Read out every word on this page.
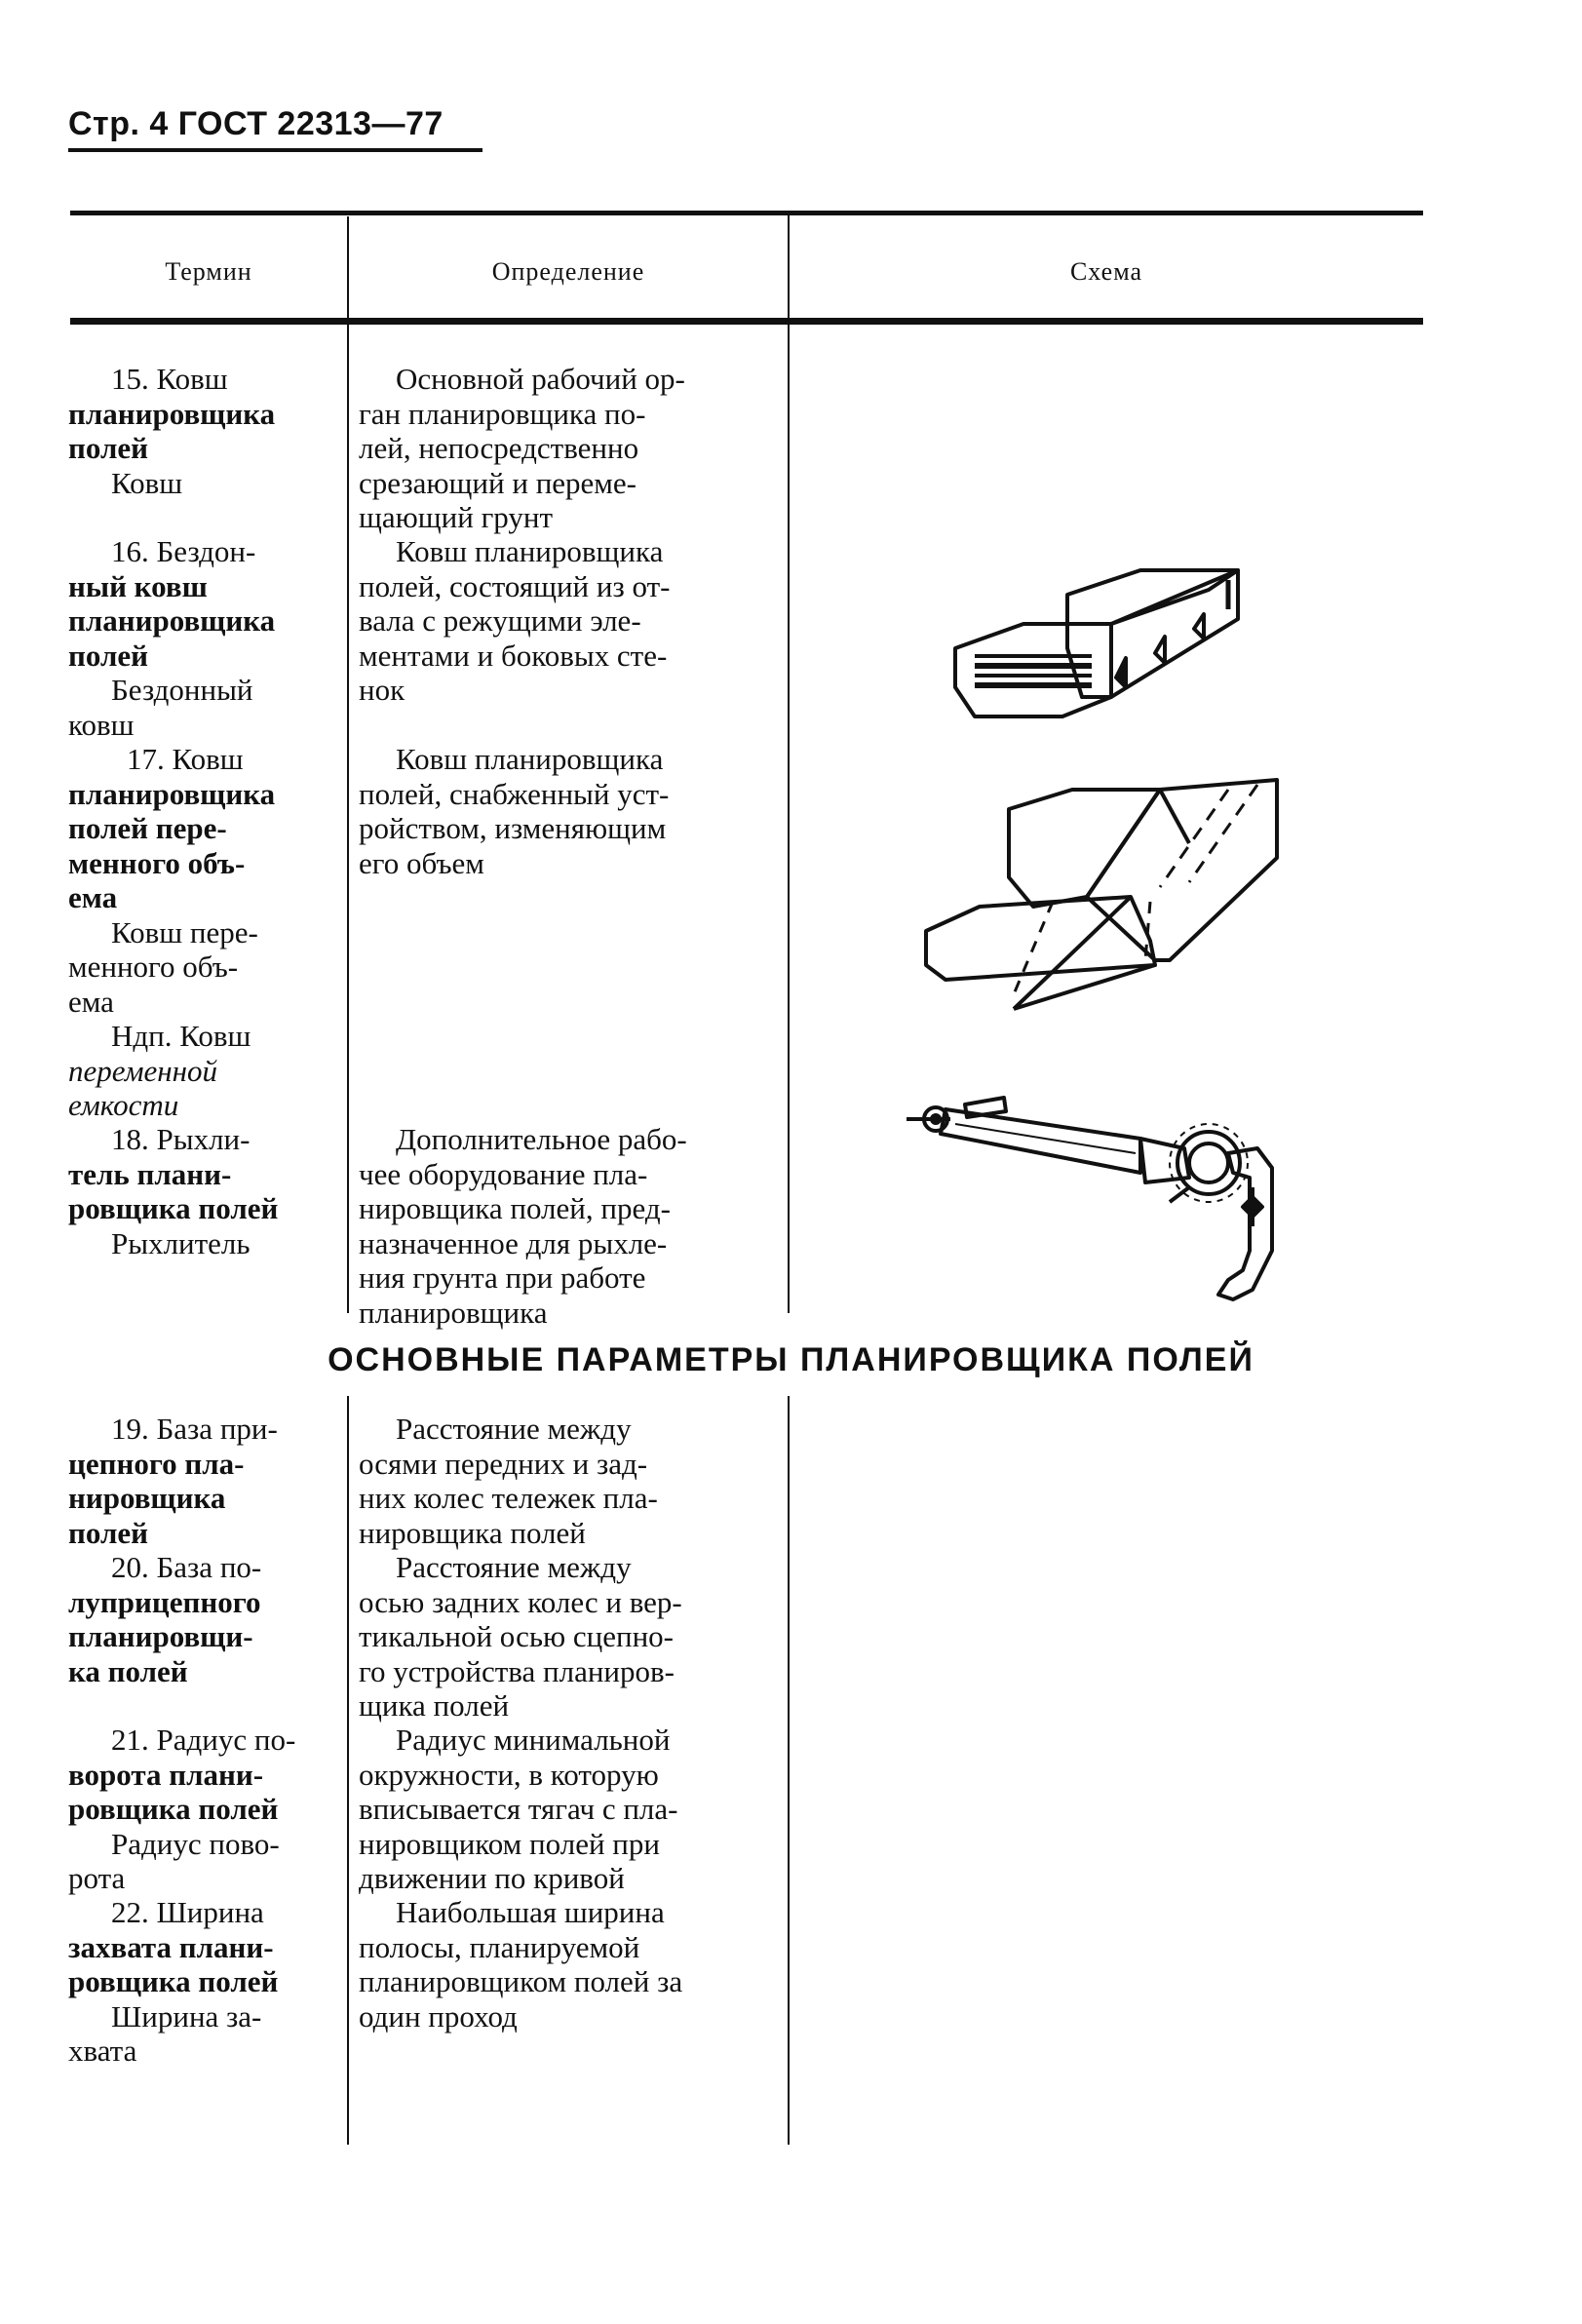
Стр. 4 ГОСТ 22313—77
Термин	Определение	Схема
15. Ковш
планировщика
полей
Ковш
Основной рабочий ор-
ган планировщика по-
лей, непосредственно
срезающий и переме-
щающий грунт
16. Бездон-
ный ковш
планировщика
полей
Бездонный
ковш
Ковш планировщика
полей, состоящий из от-
вала с режущими эле-
ментами и боковых сте-
нок
17. Ковш
планировщика
полей пере-
менного объ-
ема
Ковш пере-
менного объ-
ема
Ндп. Ковш
переменной
емкости
Ковш планировщика
полей, снабженный уст-
ройством, изменяющим
его объем
18. Рыхли-
тель плани-
ровщика полей
Рыхлитель
Дополнительное рабо-
чее оборудование пла-
нировщика полей, пред-
назначенное для рыхле-
ния грунта при работе
планировщика
ОСНОВНЫЕ ПАРАМЕТРЫ ПЛАНИРОВЩИКА ПОЛЕЙ
19. База при-
цепного пла-
нировщика
полей
Расстояние между
осями передних и зад-
них колес тележек пла-
нировщика полей
20. База по-
луприцепного
планировщи-
ка полей
Расстояние между
осью задних колес и вер-
тикальной осью сцепно-
го устройства планиров-
щика полей
21. Радиус по-
ворота плани-
ровщика полей
Радиус пово-
рота
Радиус минимальной
окружности, в которую
вписывается тягач с пла-
нировщиком полей при
движении по кривой
22. Ширина
захвата плани-
ровщика полей
Ширина за-
хвата
Наибольшая ширина
полосы, планируемой
планировщиком полей за
один проход
